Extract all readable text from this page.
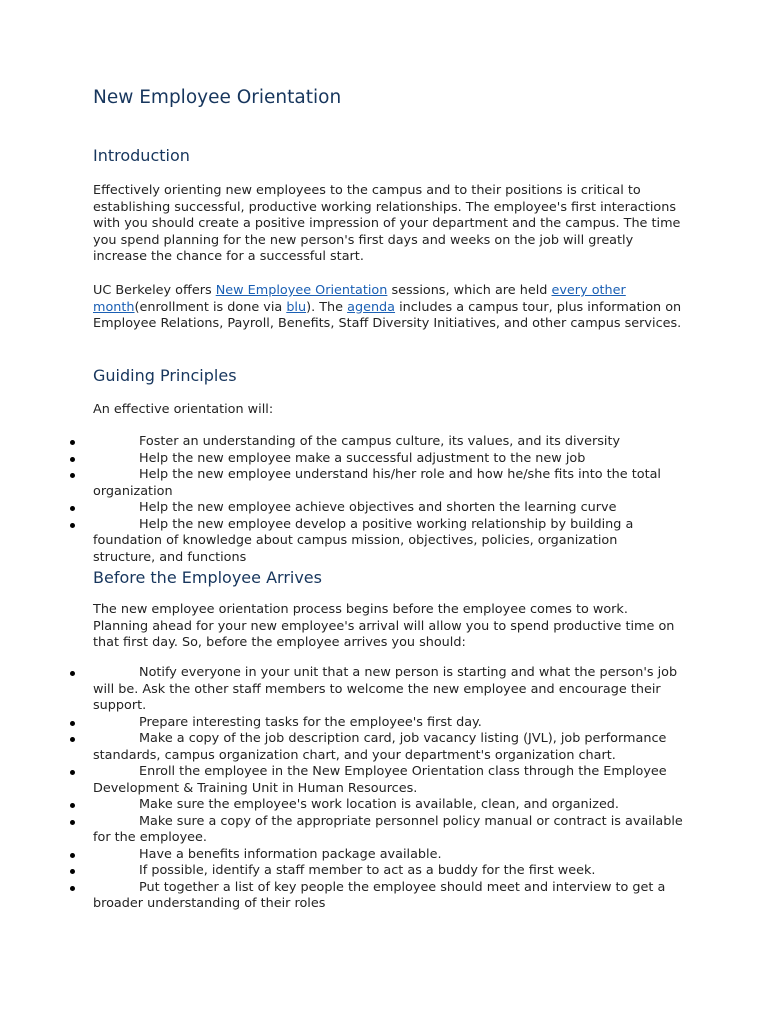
New Employee Orientation
Introduction

Effectively orienting new employees to the campus and to their positions is critical to establishing successful, productive working relationships. The employee's first interactions with you should create a positive impression of your department and the campus. The time you spend planning for the new person's first days and weeks on the job will greatly increase the chance for a successful start.

UC Berkeley offers New Employee Orientation sessions, which are held every other month(enrollment is done via blu). The agenda includes a campus tour, plus information on Employee Relations, Payroll, Benefits, Staff Diversity Initiatives, and other campus services.

Guiding Principles

An effective orientation will:

Foster an understanding of the campus culture, its values, and its diversity
Help the new employee make a successful adjustment to the new job
Help the new employee understand his/her role and how he/she fits into the total organization
Help the new employee achieve objectives and shorten the learning curve
Help the new employee develop a positive working relationship by building a foundation of knowledge about campus mission, objectives, policies, organization structure, and functions
Before the Employee Arrives

The new employee orientation process begins before the employee comes to work. Planning ahead for your new employee's arrival will allow you to spend productive time on that first day. So, before the employee arrives you should:

Notify everyone in your unit that a new person is starting and what the person's job will be. Ask the other staff members to welcome the new employee and encourage their support.
Prepare interesting tasks for the employee's first day.
Make a copy of the job description card, job vacancy listing (JVL), job performance standards, campus organization chart, and your department's organization chart.
Enroll the employee in the New Employee Orientation class through the Employee Development & Training Unit in Human Resources.
Make sure the employee's work location is available, clean, and organized.
Make sure a copy of the appropriate personnel policy manual or contract is available for the employee.
Have a benefits information package available.
If possible, identify a staff member to act as a buddy for the first week.
Put together a list of key people the employee should meet and interview to get a broader understanding of their roles
